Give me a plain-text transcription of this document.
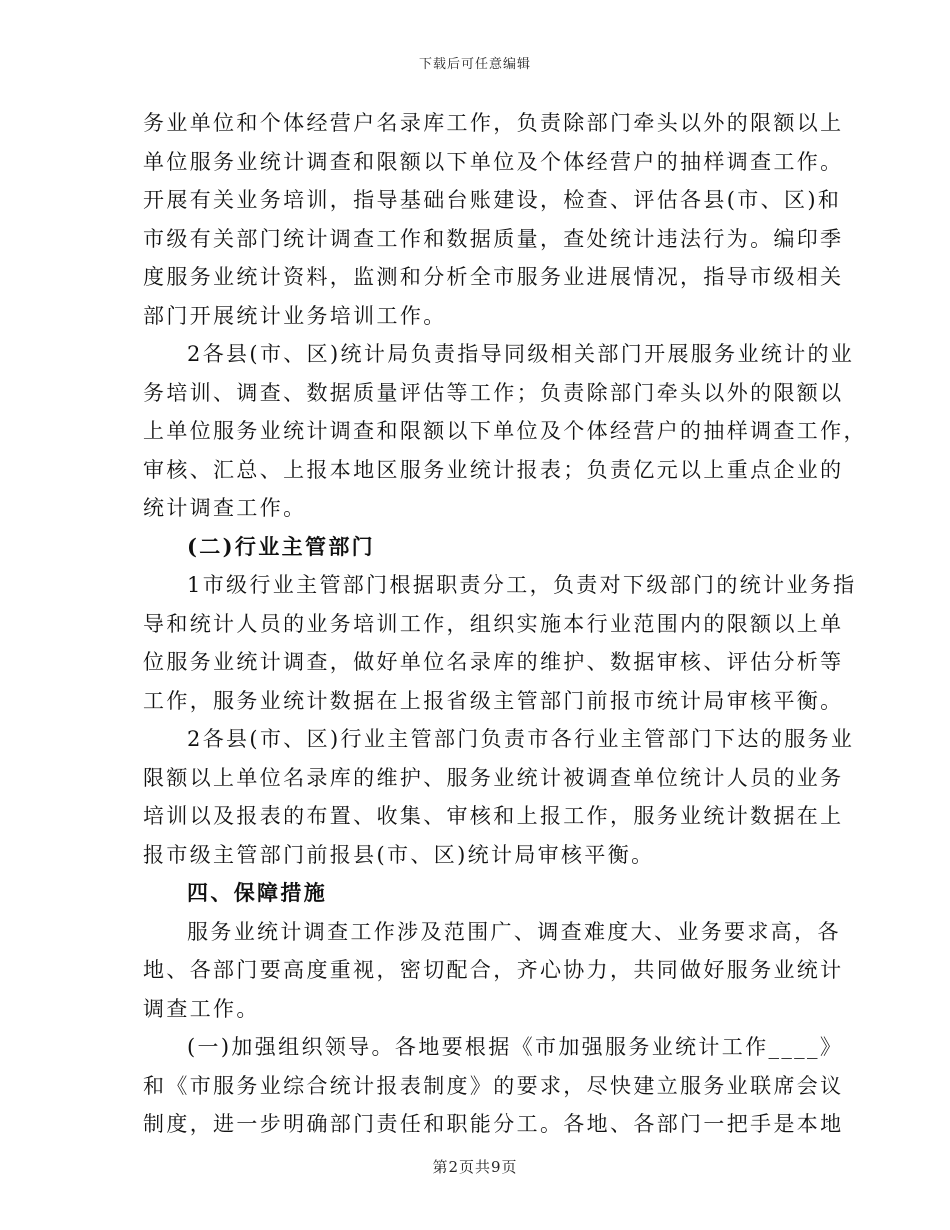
下载后可任意编辑
务业单位和个体经营户名录库工作，负责除部门牵头以外的限额以上
单位服务业统计调查和限额以下单位及个体经营户的抽样调查工作。
开展有关业务培训，指导基础台账建设，检查、评估各县(市、区)和
市级有关部门统计调查工作和数据质量，查处统计违法行为。编印季
度服务业统计资料，监测和分析全市服务业进展情况，指导市级相关
部门开展统计业务培训工作。
2各县(市、区)统计局负责指导同级相关部门开展服务业统计的业
务培训、调查、数据质量评估等工作；负责除部门牵头以外的限额以
上单位服务业统计调查和限额以下单位及个体经营户的抽样调查工作，
审核、汇总、上报本地区服务业统计报表；负责亿元以上重点企业的
统计调查工作。
(二)行业主管部门
1市级行业主管部门根据职责分工，负责对下级部门的统计业务指
导和统计人员的业务培训工作，组织实施本行业范围内的限额以上单
位服务业统计调查，做好单位名录库的维护、数据审核、评估分析等
工作，服务业统计数据在上报省级主管部门前报市统计局审核平衡。
2各县(市、区)行业主管部门负责市各行业主管部门下达的服务业
限额以上单位名录库的维护、服务业统计被调查单位统计人员的业务
培训以及报表的布置、收集、审核和上报工作，服务业统计数据在上
报市级主管部门前报县(市、区)统计局审核平衡。
四、保障措施
服务业统计调查工作涉及范围广、调查难度大、业务要求高，各
地、各部门要高度重视，密切配合，齐心协力，共同做好服务业统计
调查工作。
(一)加强组织领导。各地要根据《市加强服务业统计工作____》
和《市服务业综合统计报表制度》的要求，尽快建立服务业联席会议
制度，进一步明确部门责任和职能分工。各地、各部门一把手是本地
第2页共9页
